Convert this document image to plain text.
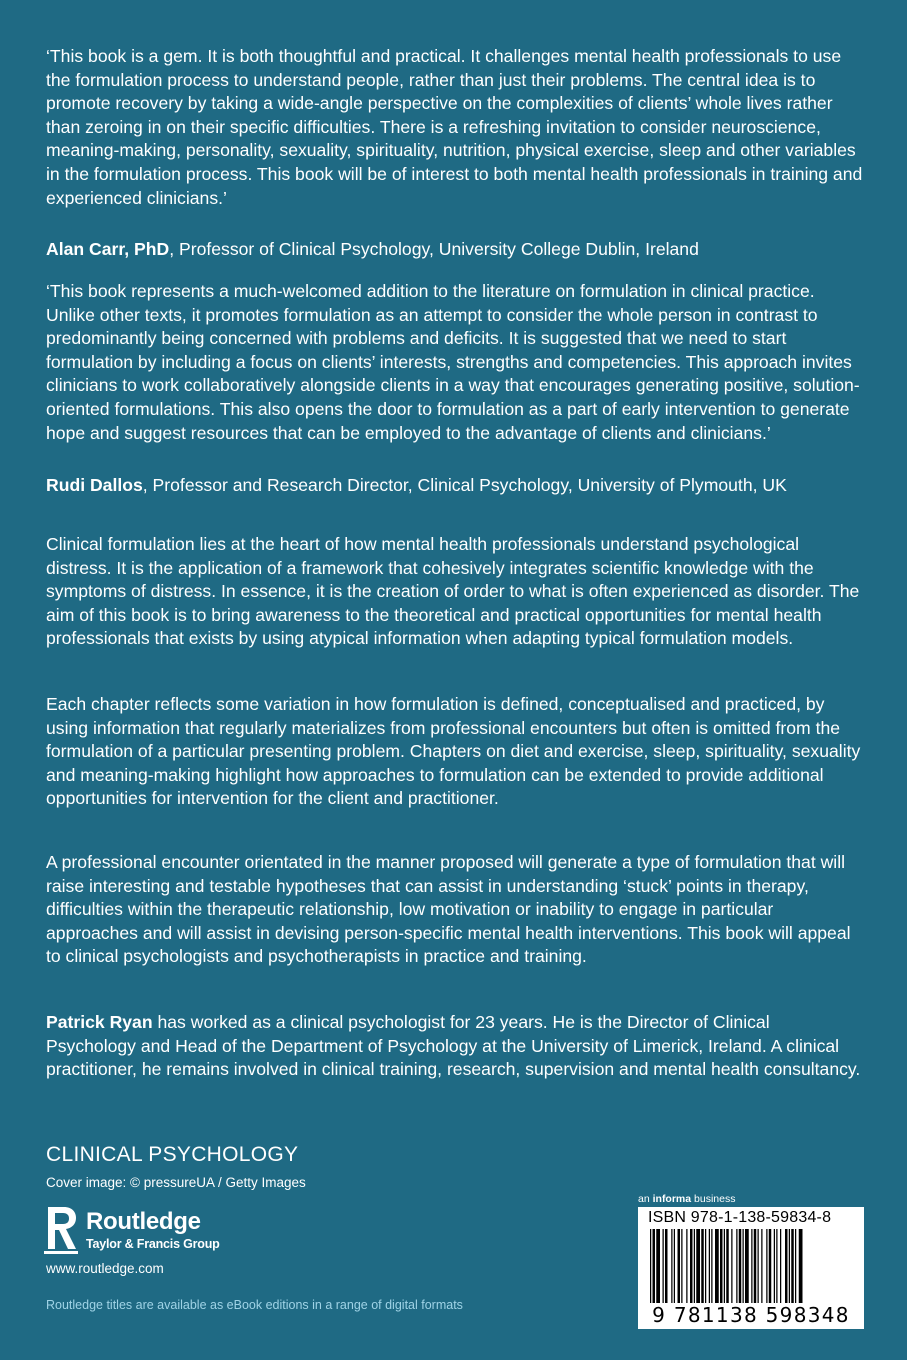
‘This book is a gem. It is both thoughtful and practical. It challenges mental health professionals to use the formulation process to understand people, rather than just their problems. The central idea is to promote recovery by taking a wide-angle perspective on the complexities of clients’ whole lives rather than zeroing in on their specific difficulties. There is a refreshing invitation to consider neuroscience, meaning-making, personality, sexuality, spirituality, nutrition, physical exercise, sleep and other variables in the formulation process. This book will be of interest to both mental health professionals in training and experienced clinicians.’

Alan Carr, PhD, Professor of Clinical Psychology, University College Dublin, Ireland

‘This book represents a much-welcomed addition to the literature on formulation in clinical practice. Unlike other texts, it promotes formulation as an attempt to consider the whole person in contrast to predominantly being concerned with problems and deficits. It is suggested that we need to start formulation by including a focus on clients’ interests, strengths and competencies. This approach invites clinicians to work collaboratively alongside clients in a way that encourages generating positive, solution-oriented formulations. This also opens the door to formulation as a part of early intervention to generate hope and suggest resources that can be employed to the advantage of clients and clinicians.’

Rudi Dallos, Professor and Research Director, Clinical Psychology, University of Plymouth, UK

Clinical formulation lies at the heart of how mental health professionals understand psychological distress. It is the application of a framework that cohesively integrates scientific knowledge with the symptoms of distress. In essence, it is the creation of order to what is often experienced as disorder. The aim of this book is to bring awareness to the theoretical and practical opportunities for mental health professionals that exists by using atypical information when adapting typical formulation models.

Each chapter reflects some variation in how formulation is defined, conceptualised and practiced, by using information that regularly materializes from professional encounters but often is omitted from the formulation of a particular presenting problem. Chapters on diet and exercise, sleep, spirituality, sexuality and meaning-making highlight how approaches to formulation can be extended to provide additional opportunities for intervention for the client and practitioner.

A professional encounter orientated in the manner proposed will generate a type of formulation that will raise interesting and testable hypotheses that can assist in understanding ‘stuck’ points in therapy, difficulties within the therapeutic relationship, low motivation or inability to engage in particular approaches and will assist in devising person-specific mental health interventions. This book will appeal to clinical psychologists and psychotherapists in practice and training.

Patrick Ryan has worked as a clinical psychologist for 23 years. He is the Director of Clinical Psychology and Head of the Department of Psychology at the University of Limerick, Ireland. A clinical practitioner, he remains involved in clinical training, research, supervision and mental health consultancy.

CLINICAL PSYCHOLOGY
Cover image: © pressureUA / Getty Images
Routledge
Taylor & Francis Group
www.routledge.com
Routledge titles are available as eBook editions in a range of digital formats
an informa business
ISBN 978-1-138-59834-8
9 781138 598348
